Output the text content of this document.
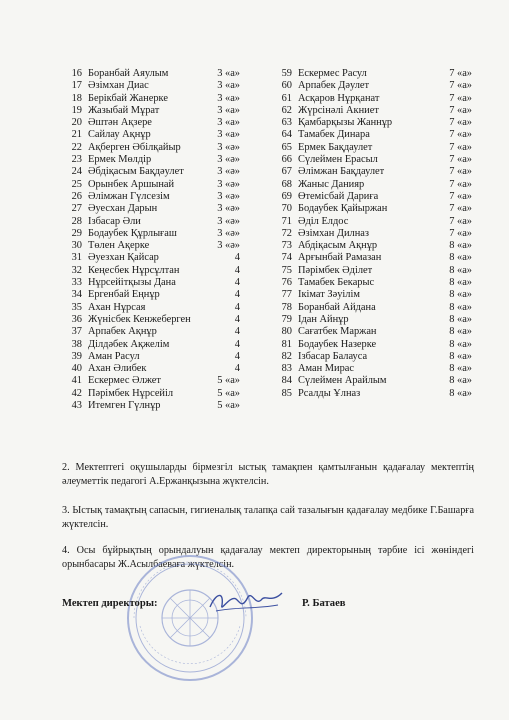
16 Боранбай Аяулым	3 «а»
17 Әзімхан Диас	3 «а»
18 Берікбай Жанерке	3 «а»
19 Жазыбай Мұрат	3 «а»
20 Әштән Ақзере	3 «а»
21 Сайлау Ақнұр	3 «а»
22 Ақберген Әбілқайыр	3 «ә»
23 Ермек Мөлдір	3 «ә»
24 Әбдіқасым Бақдәулет	3 «ә»
25 Орынбек Аршынай	3 «ә»
26 Әлімжан Гүлсезім	3 «ә»
27 Әуесхан Дарын	3 «ә»
28 Ізбасар Әли	3 «ә»
29 Бодаубек Құрлығаш	3 «ә»
30 Төлен Ақерке	3 «ә»
31 Әуезхан Қайсар	4
32 Кеңесбек Нұрсұлтан	4
33 Нұрсейітқызы Дана	4
34 Ергенбай Еңнұр	4
35 Ахан Нұрсая	4
36 Жүнісбек Кенжеберген	4
37 Арпабек Ақнұр	4
38 Ділдәбек Ақжелім	4
39 Аман Расул	4
40 Ахан Әлибек	4
41 Ескермес Әлжет	5 «а»
42 Пәрімбек Нұрсейіл	5 «а»
43 Итемген Гүлнұр	5 «а»
59 Ескермес Расул	7 «а»
60 Арпабек Дәулет	7 «а»
61 Асқаров Нұрқанат	7 «а»
62 Жүрсінәлі Акниет	7 «а»
63 Қамбарқызы Жаннұр	7 «а»
64 Тамабек Динара	7 «а»
65 Ермек Бақдаулет	7 «а»
66 Сүлеймен Ерасыл	7 «а»
67 Әлімжан Бақдаулет	7 «а»
68 Жаныс Данияр	7 «а»
69 Өтемісбай Дариға	7 «а»
70 Бодаубек Қайыржан	7 «а»
71 Әділ Елдос	7 «а»
72 Әзімхан Дилназ	7 «а»
73 Абдіқасым Ақнұр	8 «а»
74 Арғынбай Рамазан	8 «а»
75 Пәрімбек Әділет	8 «а»
76 Тамабек Бекарыс	8 «а»
77 Ікімат Зәуілім	8 «а»
78 Боранбай Айдана	8 «а»
79 Ідан Айнұр	8 «а»
80 Сағатбек Маржан	8 «а»
81 Бодаубек Назерке	8 «а»
82 Ізбасар Балауса	8 «а»
83 Аман Мирас	8 «а»
84 Сүлеймен Арайлым	8 «а»
85 Рсалды Ұлназ	8 «а»
2. Мектептегі оқушыларды бірмезгіл ыстық тамақпен қамтылғанын қадағалау мектептің әлеуметтік педагогі А.Ержанқызына жүктелсін.
3. Ыстық тамақтың сапасын, гигиеналық талапқа сай тазалығын қадағалау медбике Г.Башарға жүктелсін.
4. Осы бұйрықтың орындалуын қадағалау мектеп директорының тәрбие ісі жөніндегі орынбасары Ж.Асылбаеваға жүктелсін.
Мектеп директоры:	Р. Батаев
